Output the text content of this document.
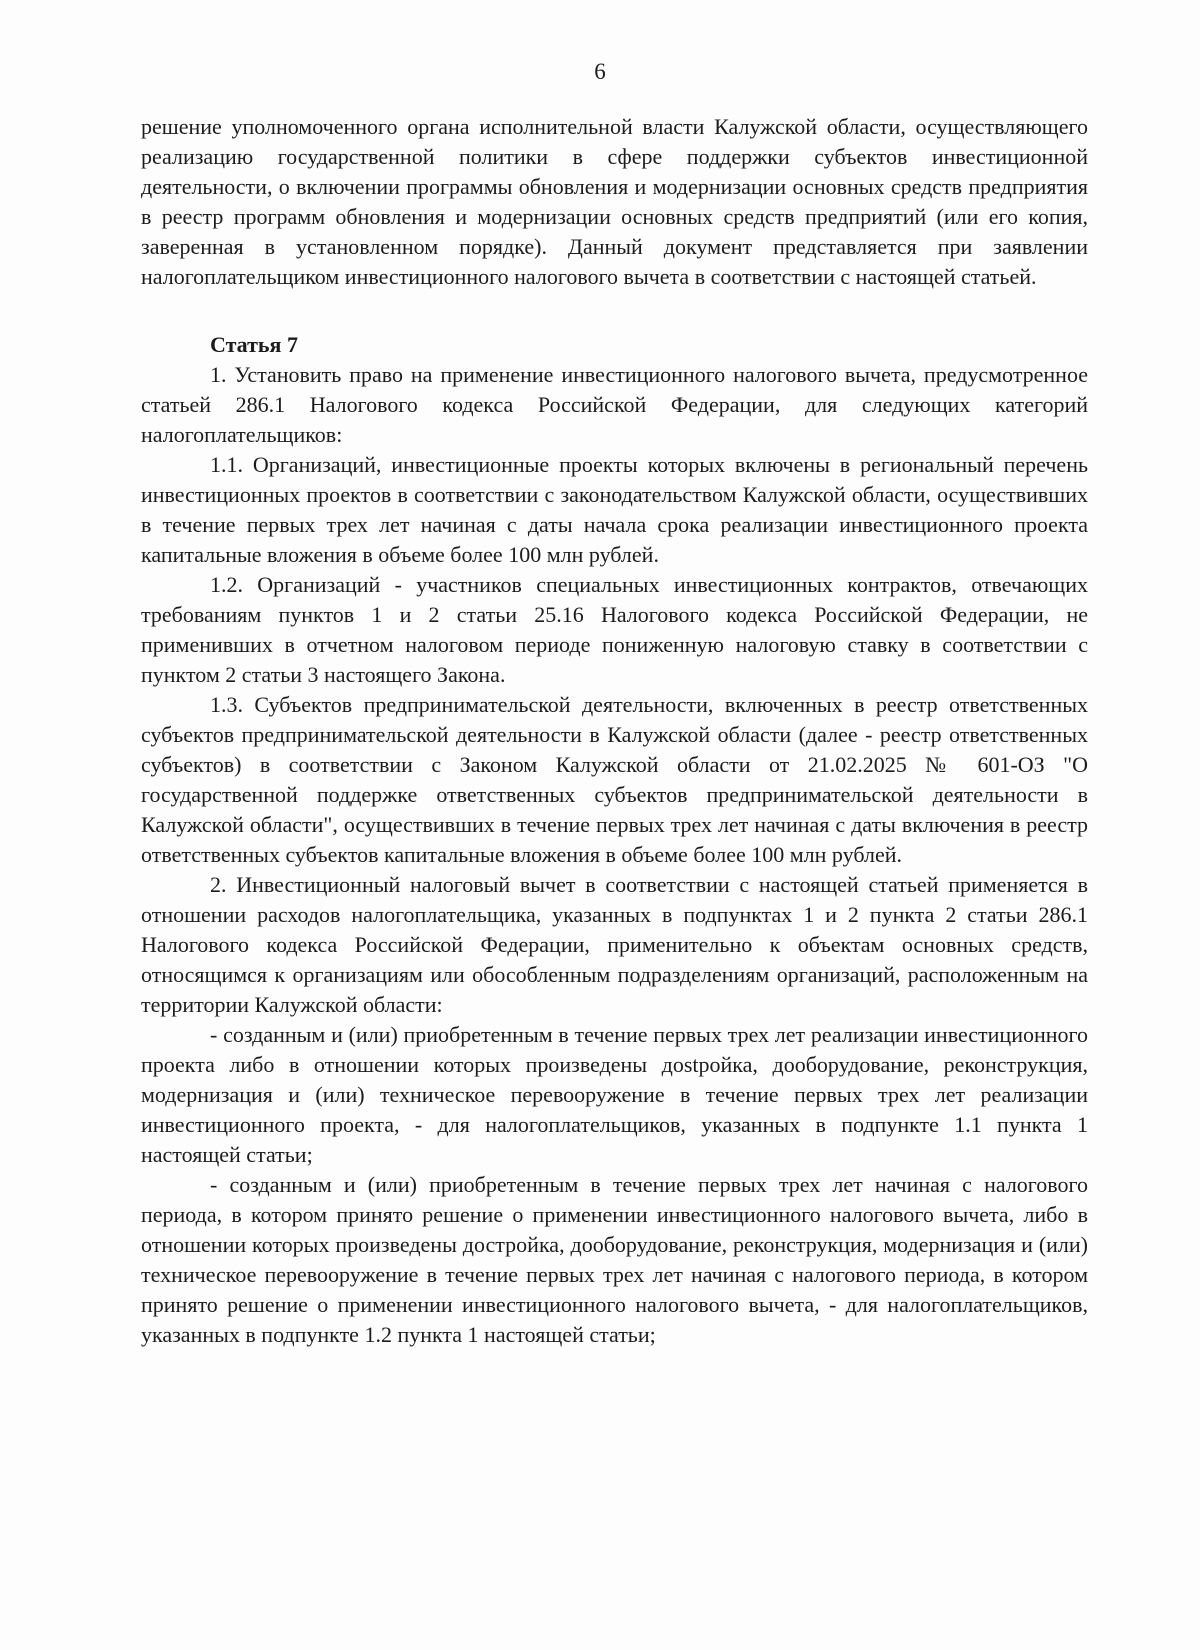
6

решение уполномоченного органа исполнительной власти Калужской области, осуществляющего реализацию государственной политики в сфере поддержки субъектов инвестиционной деятельности, о включении программы обновления и модернизации основных средств предприятия в реестр программ обновления и модернизации основных средств предприятий (или его копия, заверенная в установленном порядке). Данный документ представляется при заявлении налогоплательщиком инвестиционного налогового вычета в соответствии с настоящей статьей.

Статья 7

1. Установить право на применение инвестиционного налогового вычета, предусмотренное статьей 286.1 Налогового кодекса Российской Федерации, для следующих категорий налогоплательщиков:

1.1. Организаций, инвестиционные проекты которых включены в региональный перечень инвестиционных проектов в соответствии с законодательством Калужской области, осуществивших в течение первых трех лет начиная с даты начала срока реализации инвестиционного проекта капитальные вложения в объеме более 100 млн рублей.

1.2. Организаций - участников специальных инвестиционных контрактов, отвечающих требованиям пунктов 1 и 2 статьи 25.16 Налогового кодекса Российской Федерации, не применивших в отчетном налоговом периоде пониженную налоговую ставку в соответствии с пунктом 2 статьи 3 настоящего Закона.

1.3. Субъектов предпринимательской деятельности, включенных в реестр ответственных субъектов предпринимательской деятельности в Калужской области (далее - реестр ответственных субъектов) в соответствии с Законом Калужской области от 21.02.2025 № 601-ОЗ "О государственной поддержке ответственных субъектов предпринимательской деятельности в Калужской области", осуществивших в течение первых трех лет начиная с даты включения в реестр ответственных субъектов капитальные вложения в объеме более 100 млн рублей.

2. Инвестиционный налоговый вычет в соответствии с настоящей статьей применяется в отношении расходов налогоплательщика, указанных в подпунктах 1 и 2 пункта 2 статьи 286.1 Налогового кодекса Российской Федерации, применительно к объектам основных средств, относящимся к организациям или обособленным подразделениям организаций, расположенным на территории Калужской области:

- созданным и (или) приобретенным в течение первых трех лет реализации инвестиционного проекта либо в отношении которых произведены дostройка, дооборудование, реконструкция, модернизация и (или) техническое перевооружение в течение первых трех лет реализации инвестиционного проекта, - для налогоплательщиков, указанных в подпункте 1.1 пункта 1 настоящей статьи;

- созданным и (или) приобретенным в течение первых трех лет начиная с налогового периода, в котором принято решение о применении инвестиционного налогового вычета, либо в отношении которых произведены достройка, дооборудование, реконструкция, модернизация и (или) техническое перевооружение в течение первых трех лет начиная с налогового периода, в котором принято решение о применении инвестиционного налогового вычета, - для налогоплательщиков, указанных в подпункте 1.2 пункта 1 настоящей статьи;
